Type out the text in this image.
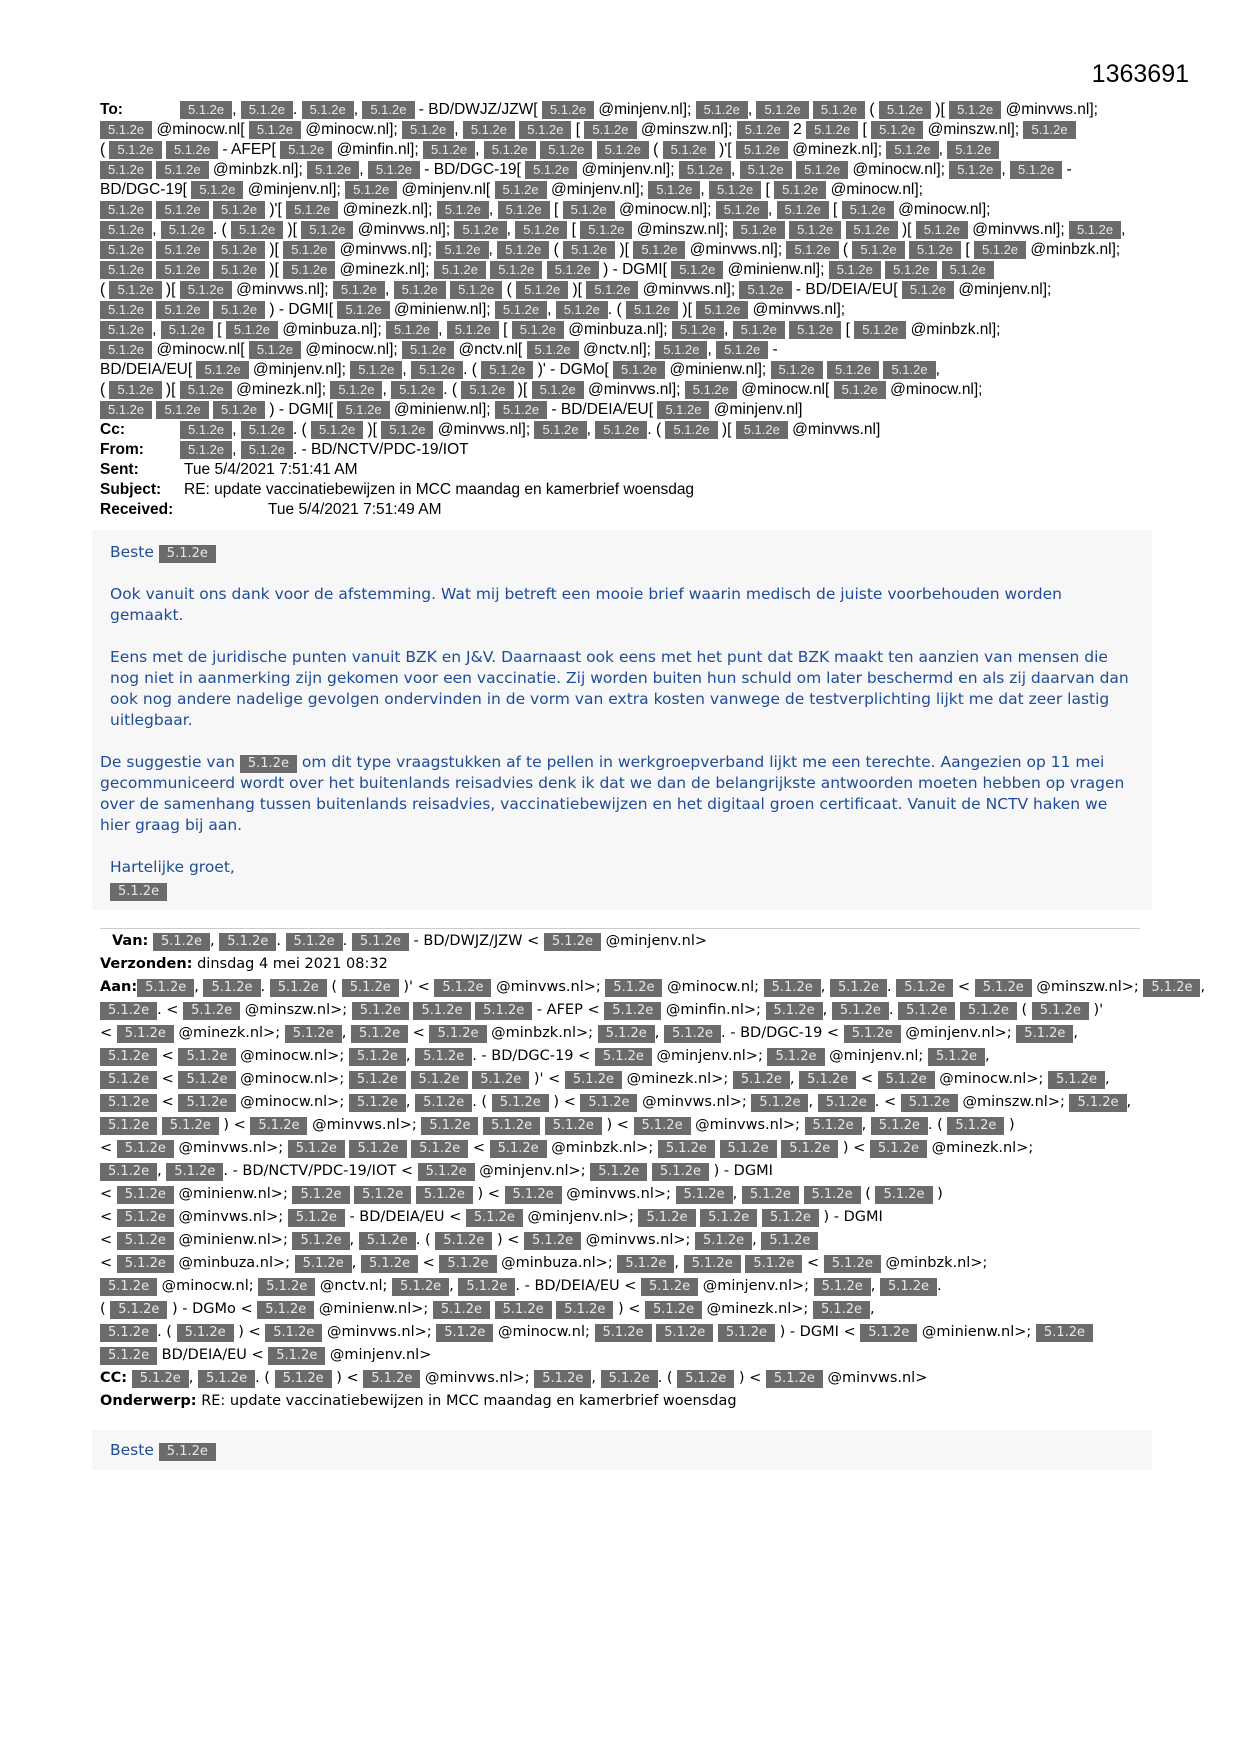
1363691
To:	5.1.2e , 5.1.2e . 5.1.2e , 5.1.2e - BD/DWJZ/JZW[ 5.1.2e @minjenv.nl]; 5.1.2e , 5.1.2e 5.1.2e ( 5.1.2e )[ 5.1.2e @minvws.nl];
5.1.2e @minocw.nl[ 5.1.2e @minocw.nl]; 5.1.2e , 5.1.2e 5.1.2e [ 5.1.2e @minszw.nl]; 5.1.2e 2 5.1.2e [ 5.1.2e @minszw.nl]; 5.1.2e
( 5.1.2e 5.1.2e - AFEP[ 5.1.2e @minfin.nl]; 5.1.2e , 5.1.2e 5.1.2e 5.1.2e ( 5.1.2e )'[ 5.1.2e @minezk.nl]; 5.1.2e , 5.1.2e
5.1.2e 5.1.2e @minbzk.nl]; 5.1.2e , 5.1.2e - BD/DGC-19[ 5.1.2e @minjenv.nl]; 5.1.2e , 5.1.2e 5.1.2e @minocw.nl]; 5.1.2e , 5.1.2e -
BD/DGC-19[ 5.1.2e @minjenv.nl]; 5.1.2e @minjenv.nl[ 5.1.2e @minjenv.nl]; 5.1.2e , 5.1.2e [ 5.1.2e @minocw.nl];
5.1.2e 5.1.2e 5.1.2e )'[ 5.1.2e @minezk.nl]; 5.1.2e , 5.1.2e [ 5.1.2e @minocw.nl]; 5.1.2e , 5.1.2e [ 5.1.2e @minocw.nl];
5.1.2e , 5.1.2e . ( 5.1.2e )[ 5.1.2e @minvws.nl]; 5.1.2e , 5.1.2e [ 5.1.2e @minszw.nl]; 5.1.2e 5.1.2e 5.1.2e )[ 5.1.2e @minvws.nl]; 5.1.2e ,
5.1.2e 5.1.2e 5.1.2e )[ 5.1.2e @minvws.nl]; 5.1.2e , 5.1.2e ( 5.1.2e )[ 5.1.2e @minvws.nl]; 5.1.2e ( 5.1.2e 5.1.2e [ 5.1.2e @minbzk.nl];
5.1.2e 5.1.2e 5.1.2e )[ 5.1.2e @minezk.nl]; 5.1.2e 5.1.2e 5.1.2e ) - DGMI[ 5.1.2e @minienw.nl]; 5.1.2e 5.1.2e 5.1.2e
( 5.1.2e )[ 5.1.2e @minvws.nl]; 5.1.2e , 5.1.2e 5.1.2e ( 5.1.2e )[ 5.1.2e @minvws.nl]; 5.1.2e - BD/DEIA/EU[ 5.1.2e @minjenv.nl];
5.1.2e 5.1.2e 5.1.2e ) - DGMI[ 5.1.2e @minienw.nl]; 5.1.2e , 5.1.2e . ( 5.1.2e )[ 5.1.2e @minvws.nl];
5.1.2e , 5.1.2e [ 5.1.2e @minbuza.nl]; 5.1.2e , 5.1.2e [ 5.1.2e @minbuza.nl]; 5.1.2e , 5.1.2e 5.1.2e [ 5.1.2e @minbzk.nl];
5.1.2e @minocw.nl[ 5.1.2e @minocw.nl]; 5.1.2e @nctv.nl[ 5.1.2e @nctv.nl]; 5.1.2e , 5.1.2e -
BD/DEIA/EU[ 5.1.2e @minjenv.nl]; 5.1.2e , 5.1.2e . ( 5.1.2e )' - DGMo[ 5.1.2e @minienw.nl]; 5.1.2e 5.1.2e 5.1.2e ,
( 5.1.2e )[ 5.1.2e @minezk.nl]; 5.1.2e , 5.1.2e . ( 5.1.2e )[ 5.1.2e @minvws.nl]; 5.1.2e @minocw.nl[ 5.1.2e @minocw.nl];
5.1.2e 5.1.2e 5.1.2e ) - DGMI[ 5.1.2e @minienw.nl]; 5.1.2e - BD/DEIA/EU[ 5.1.2e @minjenv.nl]
Cc:	5.1.2e , 5.1.2e . ( 5.1.2e )[ 5.1.2e @minvws.nl]; 5.1.2e , 5.1.2e . ( 5.1.2e )[ 5.1.2e @minvws.nl]
From:	5.1.2e , 5.1.2e . - BD/NCTV/PDC-19/IOT
Sent:	Tue 5/4/2021 7:51:41 AM
Subject: RE: update vaccinatiebewijzen in MCC maandag en kamerbrief woensdag
Received:	Tue 5/4/2021 7:51:49 AM

Beste 5.1.2e

Ook vanuit ons dank voor de afstemming. Wat mij betreft een mooie brief waarin medisch de juiste voorbehouden worden gemaakt.

Eens met de juridische punten vanuit BZK en J&V. Daarnaast ook eens met het punt dat BZK maakt ten aanzien van mensen die nog niet in aanmerking zijn gekomen voor een vaccinatie. Zij worden buiten hun schuld om later beschermd en als zij daarvan dan ook nog andere nadelige gevolgen ondervinden in de vorm van extra kosten vanwege de testverplichting lijkt me dat zeer lastig uitlegbaar.

De suggestie van 5.1.2e om dit type vraagstukken af te pellen in werkgroepverband lijkt me een terechte. Aangezien op 11 mei gecommuniceerd wordt over het buitenlands reisadvies denk ik dat we dan de belangrijkste antwoorden moeten hebben op vragen over de samenhang tussen buitenlands reisadvies, vaccinatiebewijzen en het digitaal groen certificaat. Vanuit de NCTV haken we hier graag bij aan.

Hartelijke groet,

5.1.2e
Van: 5.1.2e , 5.1.2e . 5.1.2e . 5.1.2e - BD/DWJZ/JZW < 5.1.2e @minjenv.nl>
Verzonden: dinsdag 4 mei 2021 08:32
Aan: 5.1.2e , 5.1.2e . 5.1.2e ( 5.1.2e )' < 5.1.2e @minvws.nl>; 5.1.2e @minocw.nl; 5.1.2e , 5.1.2e . 5.1.2e < 5.1.2e @minszw.nl>; 5.1.2e ,
5.1.2e . < 5.1.2e @minszw.nl>; 5.1.2e 5.1.2e 5.1.2e - AFEP < 5.1.2e @minfin.nl>; 5.1.2e , 5.1.2e . 5.1.2e 5.1.2e ( 5.1.2e )'
< 5.1.2e @minezk.nl>; 5.1.2e , 5.1.2e < 5.1.2e @minbzk.nl>; 5.1.2e , 5.1.2e . - BD/DGC-19 < 5.1.2e @minjenv.nl>; 5.1.2e ,
5.1.2e < 5.1.2e @minocw.nl>; 5.1.2e , 5.1.2e . - BD/DGC-19 < 5.1.2e @minjenv.nl>; 5.1.2e @minjenv.nl; 5.1.2e ,
5.1.2e < 5.1.2e @minocw.nl>; 5.1.2e 5.1.2e 5.1.2e )' < 5.1.2e @minezk.nl>; 5.1.2e , 5.1.2e < 5.1.2e @minocw.nl>; 5.1.2e ,
5.1.2e < 5.1.2e @minocw.nl>; 5.1.2e , 5.1.2e . ( 5.1.2e ) < 5.1.2e @minvws.nl>; 5.1.2e , 5.1.2e . < 5.1.2e @minszw.nl>; 5.1.2e ,
5.1.2e 5.1.2e ) < 5.1.2e @minvws.nl>; 5.1.2e 5.1.2e 5.1.2e ) < 5.1.2e @minvws.nl>; 5.1.2e , 5.1.2e . ( 5.1.2e )
< 5.1.2e @minvws.nl>; 5.1.2e 5.1.2e 5.1.2e < 5.1.2e @minbzk.nl>; 5.1.2e 5.1.2e 5.1.2e ) < 5.1.2e @minezk.nl>;
5.1.2e , 5.1.2e . - BD/NCTV/PDC-19/IOT < 5.1.2e @minjenv.nl>; 5.1.2e 5.1.2e ) - DGMI
< 5.1.2e @minienw.nl>; 5.1.2e 5.1.2e 5.1.2e ) < 5.1.2e @minvws.nl>; 5.1.2e , 5.1.2e 5.1.2e ( 5.1.2e )
< 5.1.2e @minvws.nl>; 5.1.2e - BD/DEIA/EU < 5.1.2e @minjenv.nl>; 5.1.2e 5.1.2e 5.1.2e ) - DGMI
< 5.1.2e @minienw.nl>; 5.1.2e , 5.1.2e . ( 5.1.2e ) < 5.1.2e @minvws.nl>; 5.1.2e , 5.1.2e
< 5.1.2e @minbuza.nl>; 5.1.2e , 5.1.2e < 5.1.2e @minbuza.nl>; 5.1.2e , 5.1.2e 5.1.2e < 5.1.2e @minbzk.nl>;
5.1.2e @minocw.nl; 5.1.2e @nctv.nl; 5.1.2e , 5.1.2e . - BD/DEIA/EU < 5.1.2e @minjenv.nl>; 5.1.2e , 5.1.2e .
( 5.1.2e ) - DGMo < 5.1.2e @minienw.nl>; 5.1.2e 5.1.2e 5.1.2e ) < 5.1.2e @minezk.nl>; 5.1.2e ,
5.1.2e . ( 5.1.2e ) < 5.1.2e @minvws.nl>; 5.1.2e @minocw.nl; 5.1.2e 5.1.2e 5.1.2e ) - DGMI < 5.1.2e @minienw.nl>; 5.1.2e
5.1.2e BD/DEIA/EU < 5.1.2e @minjenv.nl>
CC: 5.1.2e , 5.1.2e . ( 5.1.2e ) < 5.1.2e @minvws.nl>; 5.1.2e , 5.1.2e . ( 5.1.2e ) < 5.1.2e @minvws.nl>
Onderwerp: RE: update vaccinatiebewijzen in MCC maandag en kamerbrief woensdag
Beste 5.1.2e
